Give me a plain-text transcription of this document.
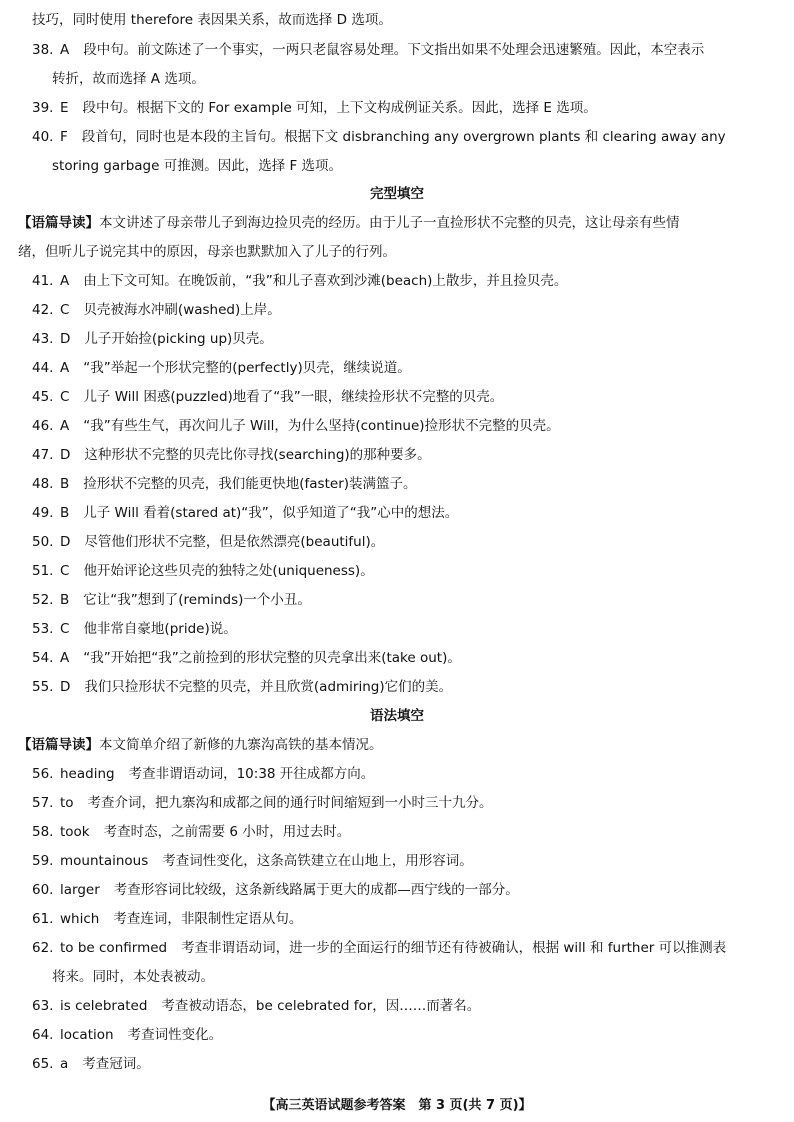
技巧，同时使用 therefore 表因果关系，故而选择 D 选项。
38. A 段中句。前文陈述了一个事实，一两只老鼠容易处理。下文指出如果不处理会迅速繁殖。因此，本空表示
转折，故而选择 A 选项。
39. E 段中句。根据下文的 For example 可知，上下文构成例证关系。因此，选择 E 选项。
40. F 段首句，同时也是本段的主旨句。根据下文 disbranching any overgrown plants 和 clearing away any
storing garbage 可推测。因此，选择 F 选项。
完型填空
【语篇导读】本文讲述了母亲带儿子到海边捡贝壳的经历。由于儿子一直捡形状不完整的贝壳，这让母亲有些情
绪，但听儿子说完其中的原因，母亲也默默加入了儿子的行列。
41. A 由上下文可知。在晚饭前，“我”和儿子喜欢到沙滩(beach)上散步，并且捡贝壳。
42. C 贝壳被海水冲刷(washed)上岸。
43. D 儿子开始捡(picking up)贝壳。
44. A “我”举起一个形状完整的(perfectly)贝壳，继续说道。
45. C 儿子 Will 困惑(puzzled)地看了“我”一眼，继续捡形状不完整的贝壳。
46. A “我”有些生气，再次问儿子 Will，为什么坚持(continue)捡形状不完整的贝壳。
47. D 这种形状不完整的贝壳比你寻找(searching)的那种要多。
48. B 捡形状不完整的贝壳，我们能更快地(faster)装满篮子。
49. B 儿子 Will 看着(stared at)“我”，似乎知道了“我”心中的想法。
50. D 尽管他们形状不完整，但是依然漂亮(beautiful)。
51. C 他开始评论这些贝壳的独特之处(uniqueness)。
52. B 它让“我”想到了(reminds)一个小丑。
53. C 他非常自豪地(pride)说。
54. A “我”开始把“我”之前捡到的形状完整的贝壳拿出来(take out)。
55. D 我们只捡形状不完整的贝壳，并且欣赏(admiring)它们的美。
语法填空
【语篇导读】本文简单介绍了新修的九寨沟高铁的基本情况。
56. heading 考查非谓语动词，10:38 开往成都方向。
57. to 考查介词，把九寨沟和成都之间的通行时间缩短到一小时三十九分。
58. took 考查时态，之前需要 6 小时，用过去时。
59. mountainous 考查词性变化，这条高铁建立在山地上，用形容词。
60. larger 考查形容词比较级，这条新线路属于更大的成都—西宁线的一部分。
61. which 考查连词，非限制性定语从句。
62. to be confirmed 考查非谓语动词，进一步的全面运行的细节还有待被确认，根据 will 和 further 可以推测表
将来。同时，本处表被动。
63. is celebrated 考查被动语态，be celebrated for，因……而著名。
64. location 考查词性变化。
65. a 考查冠词。
【高三英语试题参考答案　第 3 页(共 7 页)】
